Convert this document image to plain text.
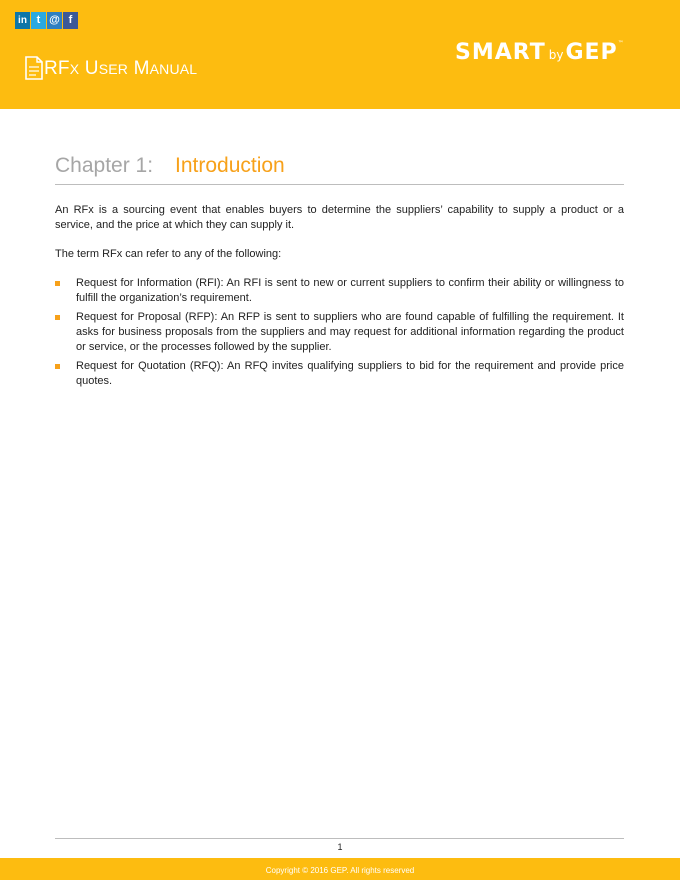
in t @ f
RFX USER MANUAL
SMART byGEP™
Chapter 1: Introduction

An RFx is a sourcing event that enables buyers to determine the suppliers’ capability to supply a product or a service, and the price at which they can supply it.

The term RFx can refer to any of the following:

Request for Information (RFI): An RFI is sent to new or current suppliers to confirm their ability or willingness to fulfill the organization’s requirement.
Request for Proposal (RFP): An RFP is sent to suppliers who are found capable of fulfilling the requirement. It asks for business proposals from the suppliers and may request for additional information regarding the product or service, or the processes followed by the supplier.
Request for Quotation (RFQ): An RFQ invites qualifying suppliers to bid for the requirement and provide price quotes.
1
Copyright © 2016 GEP. All rights reserved
